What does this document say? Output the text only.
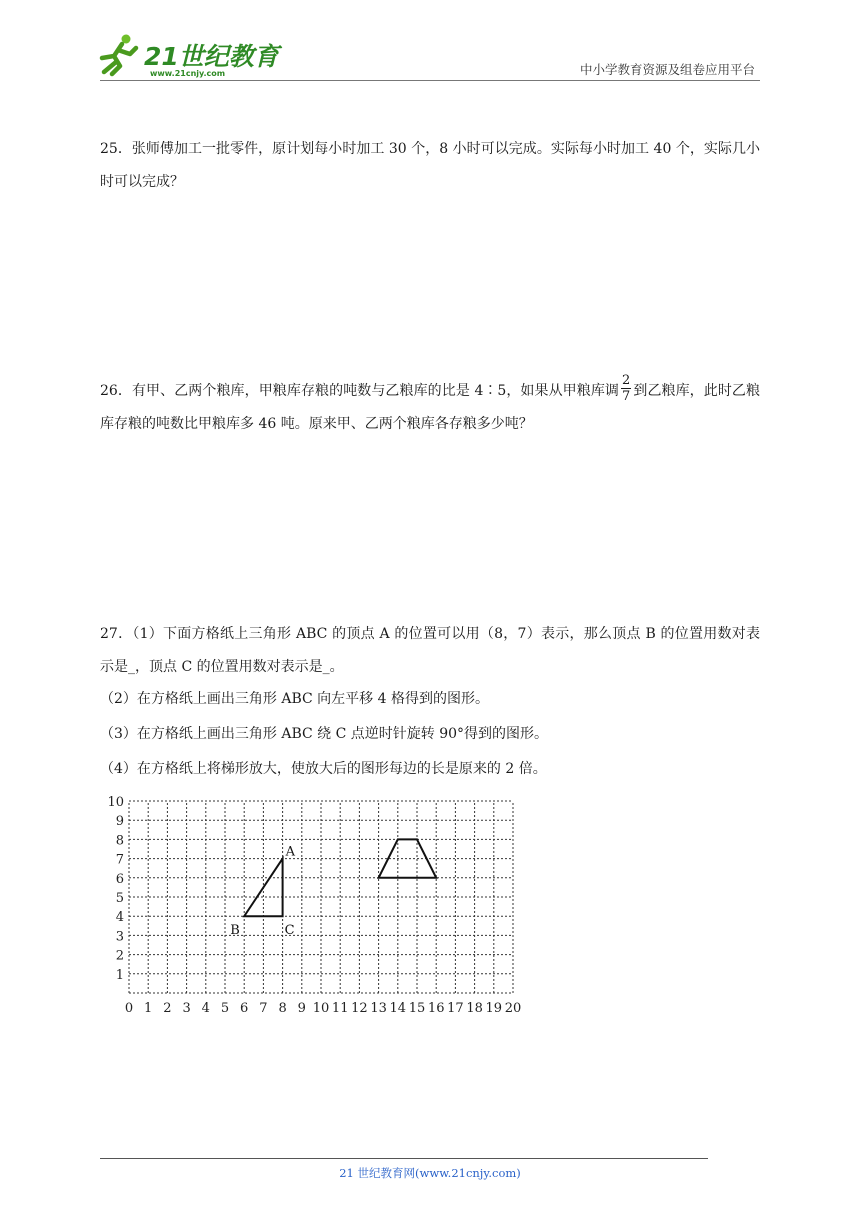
21世纪教育
www.21cnjy.com	中小学教育资源及组卷应用平台
25．张师傅加工一批零件，原计划每小时加工 30 个，8 小时可以完成。实际每小时加工 40 个，实际几小时可以完成？
26．有甲、乙两个粮库，甲粮库存粮的吨数与乙粮库的比是 4∶5，如果从甲粮库调 $\frac{2}{7}$ 到乙粮库，此时乙粮库存粮的吨数比甲粮库多 46 吨。原来甲、乙两个粮库各存粮多少吨？
27．（1）下面方格纸上三角形 ABC 的顶点 A 的位置可以用（8，7）表示，那么顶点 B 的位置用数对表示是_，顶点 C 的位置用数对表示是_。
（2）在方格纸上画出三角形 ABC 向左平移 4 格得到的图形。
（3）在方格纸上画出三角形 ABC 绕 C 点逆时针旋转 90°得到的图形。
（4）在方格纸上将梯形放大，使放大后的图形每边的长是原来的 2 倍。
0 1 2 3 4 5 6 7 8 9 10 11 12 13 14 15 16 17 18 19 20
1
2
3
4
5
6
7
8
9
10
A
B	C
21 世纪教育网(www.21cnjy.com)
